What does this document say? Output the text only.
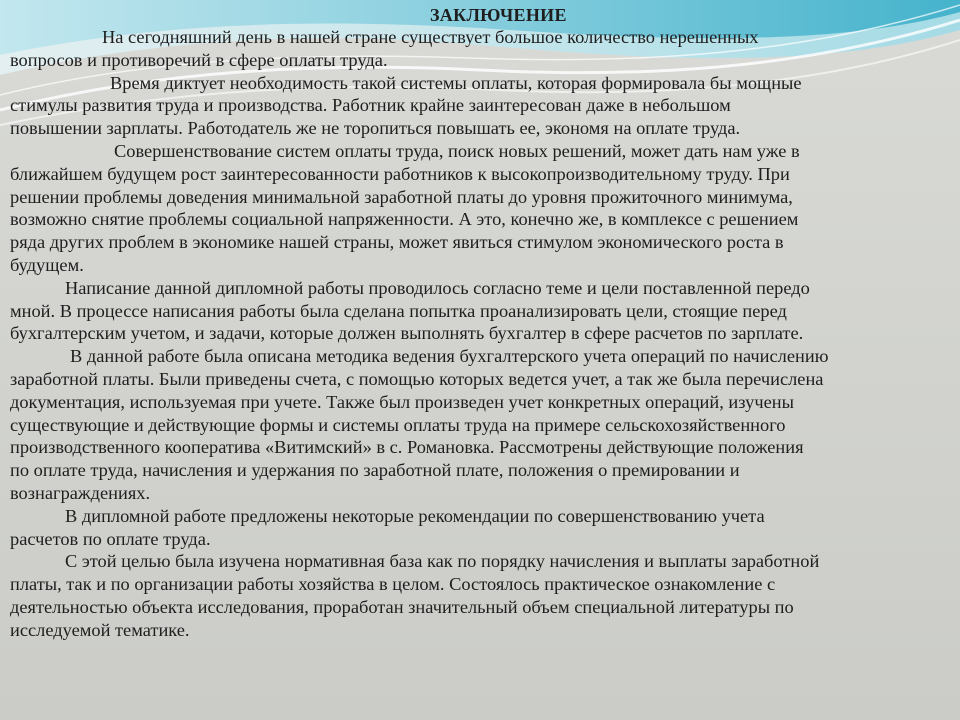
ЗАКЛЮЧЕНИЕ

На сегодняшний день в нашей стране существует большое количество нерешенных
вопросов и противоречий в сфере оплаты труда.

Время диктует необходимость такой системы оплаты, которая формировала бы мощные
стимулы развития труда и производства. Работник крайне заинтересован даже в небольшом
повышении зарплаты. Работодатель же не торопиться повышать ее, экономя на оплате труда.

Совершенствование систем оплаты труда, поиск новых решений, может дать нам уже в
ближайшем будущем рост заинтересованности работников к высокопроизводительному труду. При
решении проблемы доведения минимальной заработной платы до уровня прожиточного минимума,
возможно снятие проблемы социальной напряженности. А это, конечно же, в комплексе с решением
ряда других проблем в экономике нашей страны, может явиться стимулом экономического роста в
будущем.

Написание данной дипломной работы проводилось согласно теме и цели поставленной передо
мной. В процессе написания работы была сделана попытка проанализировать цели, стоящие перед
бухгалтерским учетом, и задачи, которые должен выполнять бухгалтер в сфере расчетов по зарплате.

В данной работе была описана методика ведения бухгалтерского учета операций по начислению
заработной платы. Были приведены счета, с помощью которых ведется учет, а так же была перечислена
документация, используемая при учете. Также был произведен учет конкретных операций, изучены
существующие и действующие формы и системы оплаты труда на примере сельскохозяйственного
производственного кооператива «Витимский» в с. Романовка. Рассмотрены действующие положения
по оплате труда, начисления и удержания по заработной плате, положения о премировании и
вознаграждениях.

В дипломной работе предложены некоторые рекомендации по совершенствованию учета
расчетов по оплате труда.

С этой целью была изучена нормативная база как по порядку начисления и выплаты заработной
платы, так и по организации работы хозяйства в целом. Состоялось практическое ознакомление с
деятельностью объекта исследования, проработан значительный объем специальной литературы по
исследуемой тематике.
